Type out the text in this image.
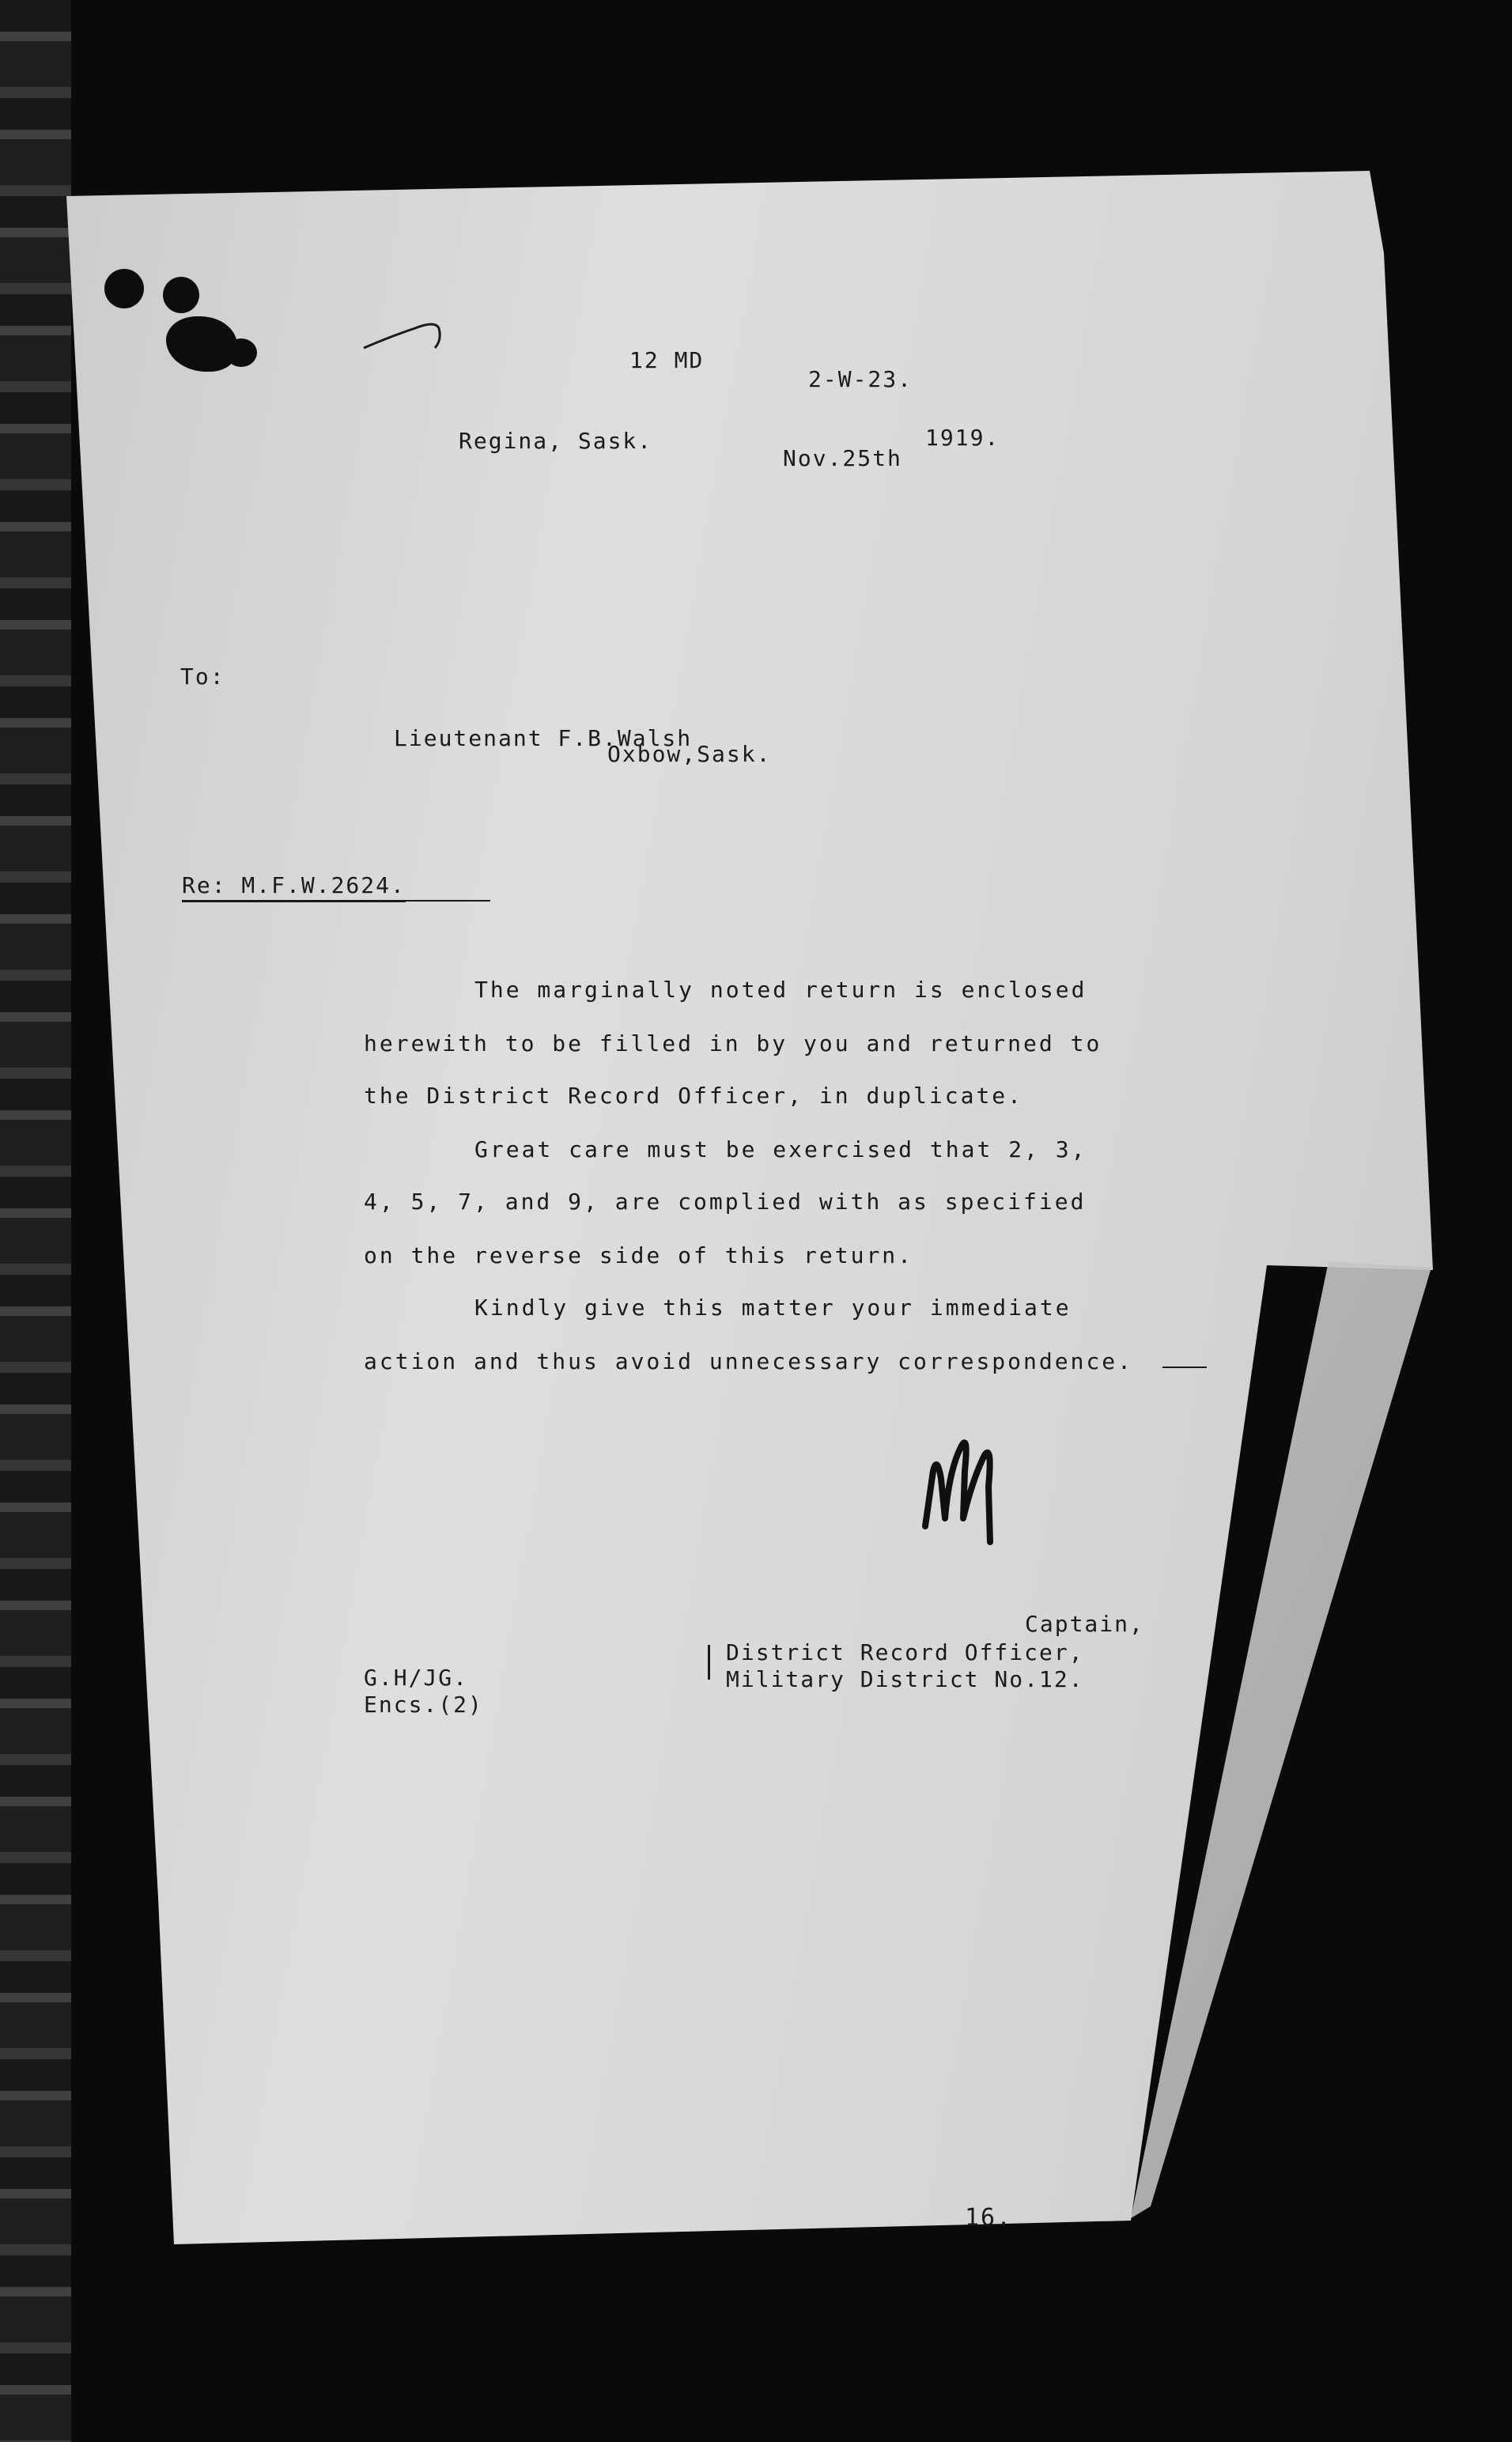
12 MD
2-W-23.
Regina, Sask.
Nov.25th
1919.
To:
Lieutenant F.B.Walsh
Oxbow,Sask.
Re: M.F.W.2624.
The marginally noted return is enclosed
herewith to be filled in by you and returned to
the District Record Officer, in duplicate.
Great care must be exercised that 2, 3,
4, 5, 7, and 9, are complied with as specified
on the reverse side of this return.
Kindly give this matter your immediate
action and thus avoid unnecessary correspondence.
Captain,
District Record Officer,
Military District No.12.
G.H/JG.
Encs.(2)
16.
